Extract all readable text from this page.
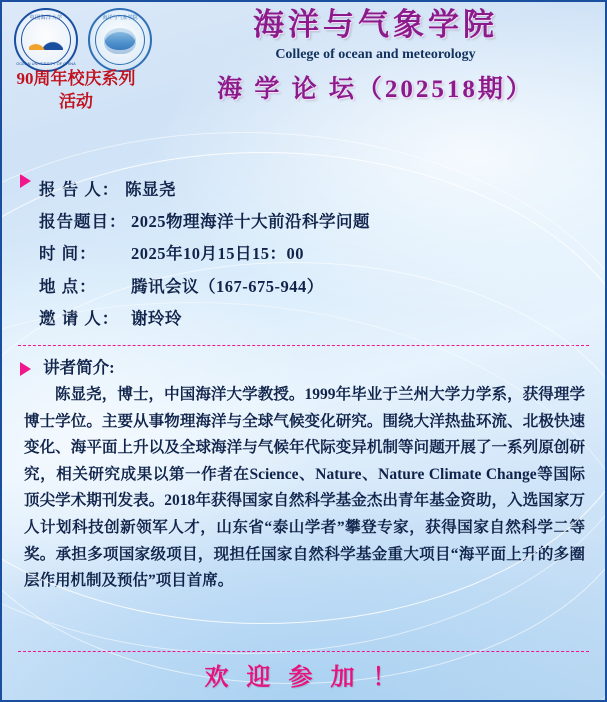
中国海洋大学
OCEAN UNIVERSITY OF CHINA
海洋与气象学院	海洋与气象学院
College of ocean and meteorology
海 学 论 坛（202518期）
90周年校庆系列活动
报 告 人： 陈显尧
报告题目： 2025物理海洋十大前沿科学问题
时 间：	2025年10月15日15：00
地 点：	腾讯会议（167-675-944）
邀 请 人： 谢玲玲
讲者简介:
陈显尧，博士，中国海洋大学教授。1999年毕业于兰州大学力学系，获得理学博士学位。主要从事物理海洋与全球气候变化研究。围绕大洋热盐环流、北极快速变化、海平面上升以及全球海洋与气候年代际变异机制等问题开展了一系列原创研究，相关研究成果以第一作者在Science、Nature、Nature Climate Change等国际顶尖学术期刊发表。2018年获得国家自然科学基金杰出青年基金资助，入选国家万人计划科技创新领军人才，山东省“泰山学者”攀登专家，获得国家自然科学二等奖。承担多项国家级项目，现担任国家自然科学基金重大项目“海平面上升的多圈层作用机制及预估”项目首席。
欢 迎 参 加 ！
